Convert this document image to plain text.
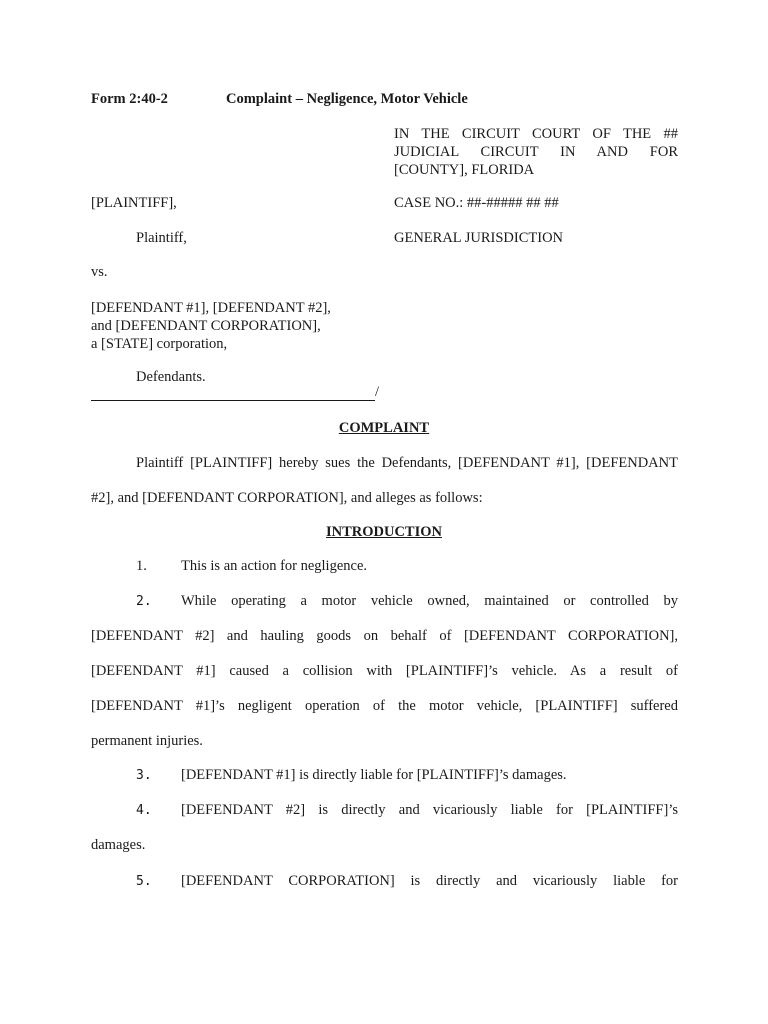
Form 2:40-2	Complaint – Negligence, Motor Vehicle
IN THE CIRCUIT COURT OF THE ##
JUDICIAL CIRCUIT IN AND FOR
[COUNTY], FLORIDA
[PLAINTIFF],	CASE NO.: ##-##### ## ##
Plaintiff,	GENERAL JURISDICTION
vs.
[DEFENDANT #1], [DEFENDANT #2],
and [DEFENDANT CORPORATION],
a [STATE] corporation,
Defendants.
/
COMPLAINT
Plaintiff [PLAINTIFF] hereby sues the Defendants, [DEFENDANT #1], [DEFENDANT
#2], and [DEFENDANT CORPORATION], and alleges as follows:
INTRODUCTION
1. This is an action for negligence.
2. While operating a motor vehicle owned, maintained or controlled by
[DEFENDANT #2] and hauling goods on behalf of [DEFENDANT CORPORATION],
[DEFENDANT #1] caused a collision with [PLAINTIFF]’s vehicle. As a result of
[DEFENDANT #1]’s negligent operation of the motor vehicle, [PLAINTIFF] suffered
permanent injuries.
3. [DEFENDANT #1] is directly liable for [PLAINTIFF]’s damages.
4. [DEFENDANT #2] is directly and vicariously liable for [PLAINTIFF]’s
damages.
5. [DEFENDANT CORPORATION] is directly and vicariously liable for
